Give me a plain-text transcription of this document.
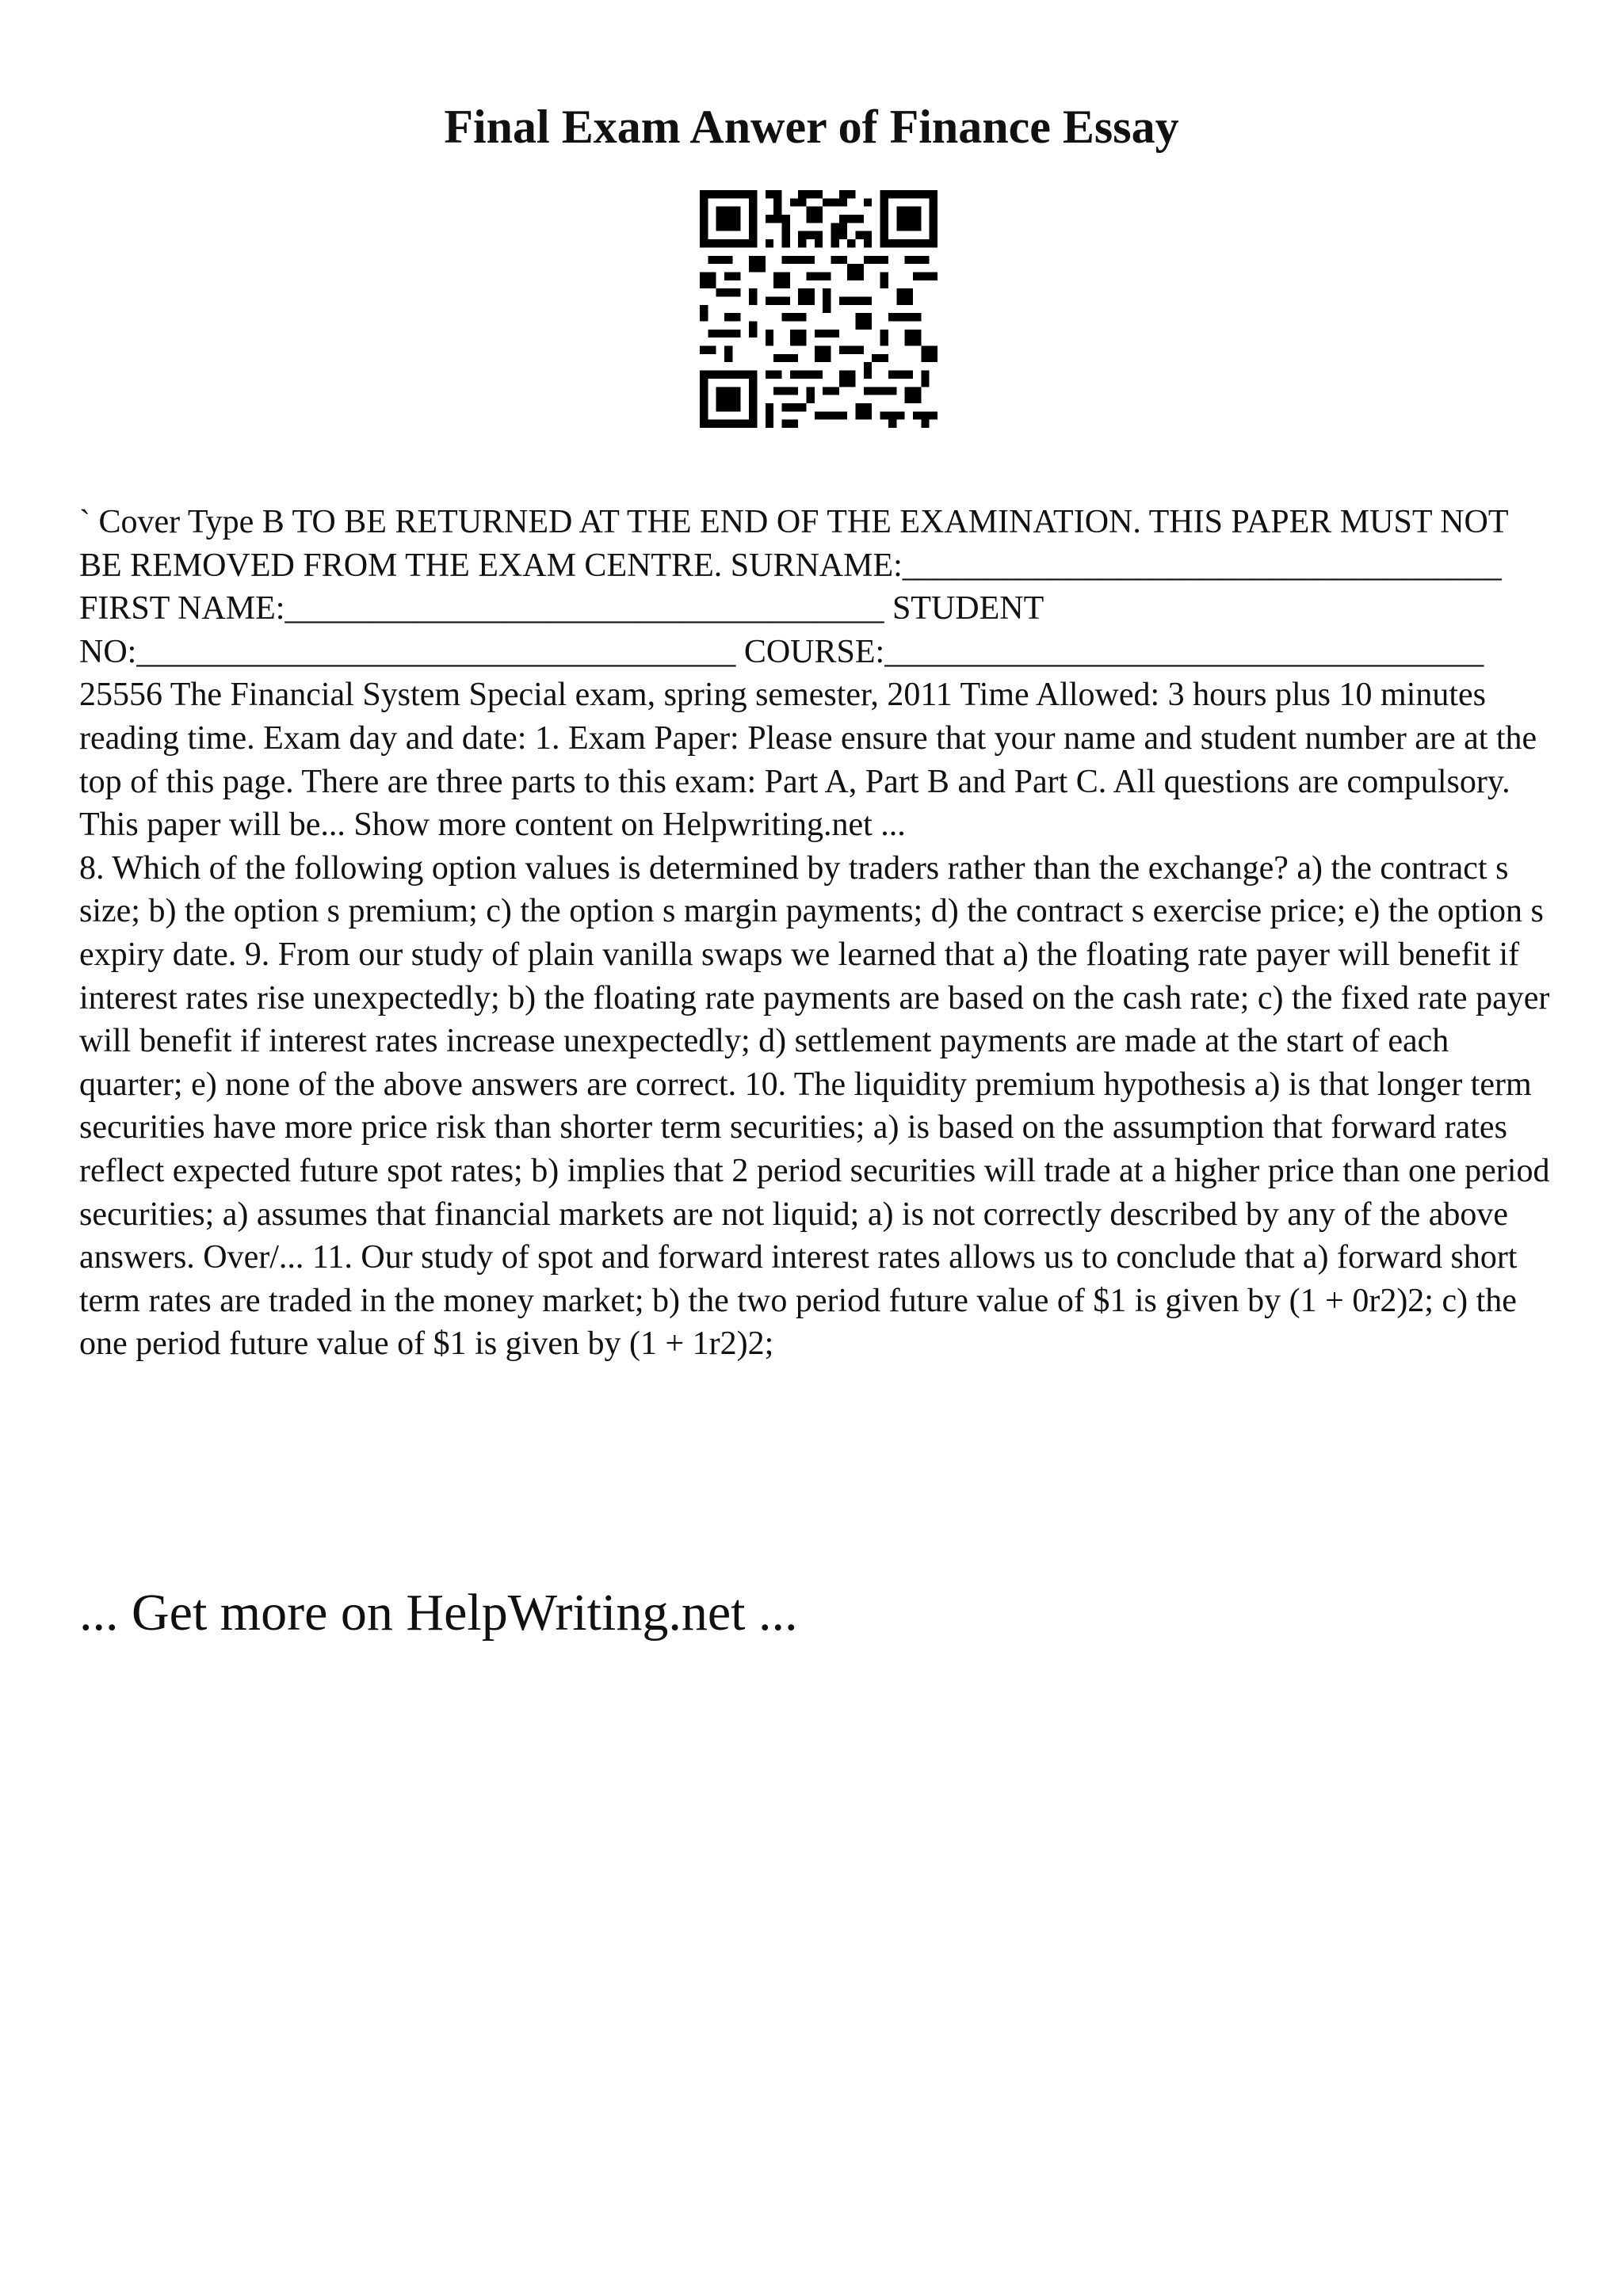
Final Exam Anwer of Finance Essay

` Cover Type B TO BE RETURNED AT THE END OF THE EXAMINATION. THIS PAPER MUST NOT BE REMOVED FROM THE EXAM CENTRE. SURNAME:____________________________________ FIRST NAME:____________________________________ STUDENT NO:____________________________________ COURSE:____________________________________ 25556 The Financial System Special exam, spring semester, 2011 Time Allowed: 3 hours plus 10 minutes reading time. Exam day and date: 1. Exam Paper: Please ensure that your name and student number are at the top of this page. There are three parts to this exam: Part A, Part B and Part C. All questions are compulsory. This paper will be... Show more content on Helpwriting.net ...

8. Which of the following option values is determined by traders rather than the exchange? a) the contract s size; b) the option s premium; c) the option s margin payments; d) the contract s exercise price; e) the option s expiry date. 9. From our study of plain vanilla swaps we learned that a) the floating rate payer will benefit if interest rates rise unexpectedly; b) the floating rate payments are based on the cash rate; c) the fixed rate payer will benefit if interest rates increase unexpectedly; d) settlement payments are made at the start of each quarter; e) none of the above answers are correct. 10. The liquidity premium hypothesis a) is that longer term securities have more price risk than shorter term securities; a) is based on the assumption that forward rates reflect expected future spot rates; b) implies that 2 period securities will trade at a higher price than one period securities; a) assumes that financial markets are not liquid; a) is not correctly described by any of the above answers. Over/... 11. Our study of spot and forward interest rates allows us to conclude that a) forward short term rates are traded in the money market; b) the two period future value of $1 is given by (1 + 0r2)2; c) the one period future value of $1 is given by (1 + 1r2)2;

... Get more on HelpWriting.net ...
